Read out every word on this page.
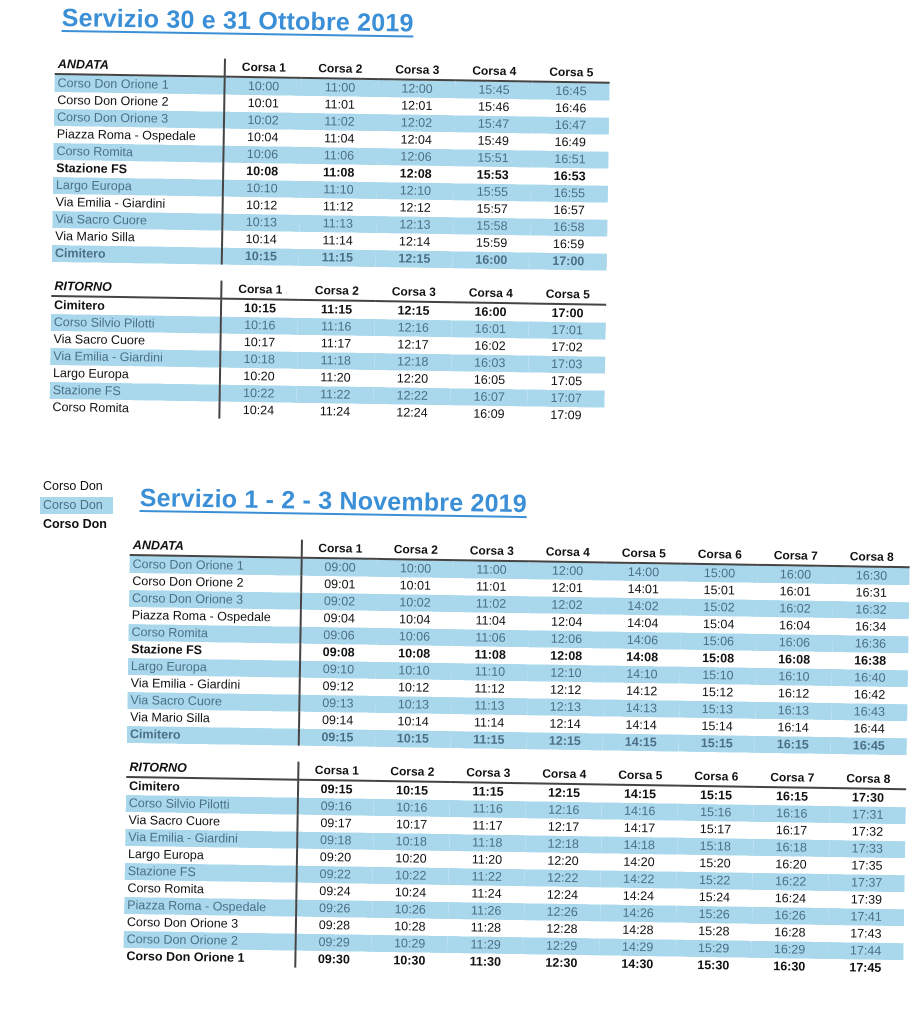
Servizio 30 e 31 Ottobre 2019
ANDATA	Corsa 1	Corsa 2	Corsa 3	Corsa 4	Corsa 5
Corso Don Orione 1	10:00	11:00	12:00	15:45	16:45
Corso Don Orione 2	10:01	11:01	12:01	15:46	16:46
Corso Don Orione 3	10:02	11:02	12:02	15:47	16:47
Piazza Roma - Ospedale	10:04	11:04	12:04	15:49	16:49
Corso Romita	10:06	11:06	12:06	15:51	16:51
Stazione FS	10:08	11:08	12:08	15:53	16:53
Largo Europa	10:10	11:10	12:10	15:55	16:55
Via Emilia - Giardini	10:12	11:12	12:12	15:57	16:57
Via Sacro Cuore	10:13	11:13	12:13	15:58	16:58
Via Mario Silla	10:14	11:14	12:14	15:59	16:59
Cimitero	10:15	11:15	12:15	16:00	17:00
RITORNO	Corsa 1	Corsa 2	Corsa 3	Corsa 4	Corsa 5
Cimitero	10:15	11:15	12:15	16:00	17:00
Corso Silvio Pilotti	10:16	11:16	12:16	16:01	17:01
Via Sacro Cuore	10:17	11:17	12:17	16:02	17:02
Via Emilia - Giardini	10:18	11:18	12:18	16:03	17:03
Largo Europa	10:20	11:20	12:20	16:05	17:05
Stazione FS	10:22	11:22	12:22	16:07	17:07
Corso Romita	10:24	11:24	12:24	16:09	17:09
Corso Don
Corso Don
Corso Don
ANDATA	Corsa 1	Corsa 2	Corsa 3	Corsa 4	Corsa 5	Corsa 6	Corsa 7	Corsa 8
Corso Don Orione 1	09:00	10:00	11:00	12:00	14:00	15:00	16:00	16:30
Corso Don Orione 2	09:01	10:01	11:01	12:01	14:01	15:01	16:01	16:31
Corso Don Orione 3	09:02	10:02	11:02	12:02	14:02	15:02	16:02	16:32
Piazza Roma - Ospedale	09:04	10:04	11:04	12:04	14:04	15:04	16:04	16:34
Corso Romita	09:06	10:06	11:06	12:06	14:06	15:06	16:06	16:36
Stazione FS	09:08	10:08	11:08	12:08	14:08	15:08	16:08	16:38
Largo Europa	09:10	10:10	11:10	12:10	14:10	15:10	16:10	16:40
Via Emilia - Giardini	09:12	10:12	11:12	12:12	14:12	15:12	16:12	16:42
Via Sacro Cuore	09:13	10:13	11:13	12:13	14:13	15:13	16:13	16:43
Via Mario Silla	09:14	10:14	11:14	12:14	14:14	15:14	16:14	16:44
Cimitero	09:15	10:15	11:15	12:15	14:15	15:15	16:15	16:45
RITORNO	Corsa 1	Corsa 2	Corsa 3	Corsa 4	Corsa 5	Corsa 6	Corsa 7	Corsa 8
Cimitero	09:15	10:15	11:15	12:15	14:15	15:15	16:15	17:30
Corso Silvio Pilotti	09:16	10:16	11:16	12:16	14:16	15:16	16:16	17:31
Via Sacro Cuore	09:17	10:17	11:17	12:17	14:17	15:17	16:17	17:32
Via Emilia - Giardini	09:18	10:18	11:18	12:18	14:18	15:18	16:18	17:33
Largo Europa	09:20	10:20	11:20	12:20	14:20	15:20	16:20	17:35
Stazione FS	09:22	10:22	11:22	12:22	14:22	15:22	16:22	17:37
Corso Romita	09:24	10:24	11:24	12:24	14:24	15:24	16:24	17:39
Piazza Roma - Ospedale	09:26	10:26	11:26	12:26	14:26	15:26	16:26	17:41
Corso Don Orione 3	09:28	10:28	11:28	12:28	14:28	15:28	16:28	17:43
Corso Don Orione 2	09:29	10:29	11:29	12:29	14:29	15:29	16:29	17:44
Corso Don Orione 1	09:30	10:30	11:30	12:30	14:30	15:30	16:30	17:45
Servizio 1 - 2 - 3 Novembre 2019
